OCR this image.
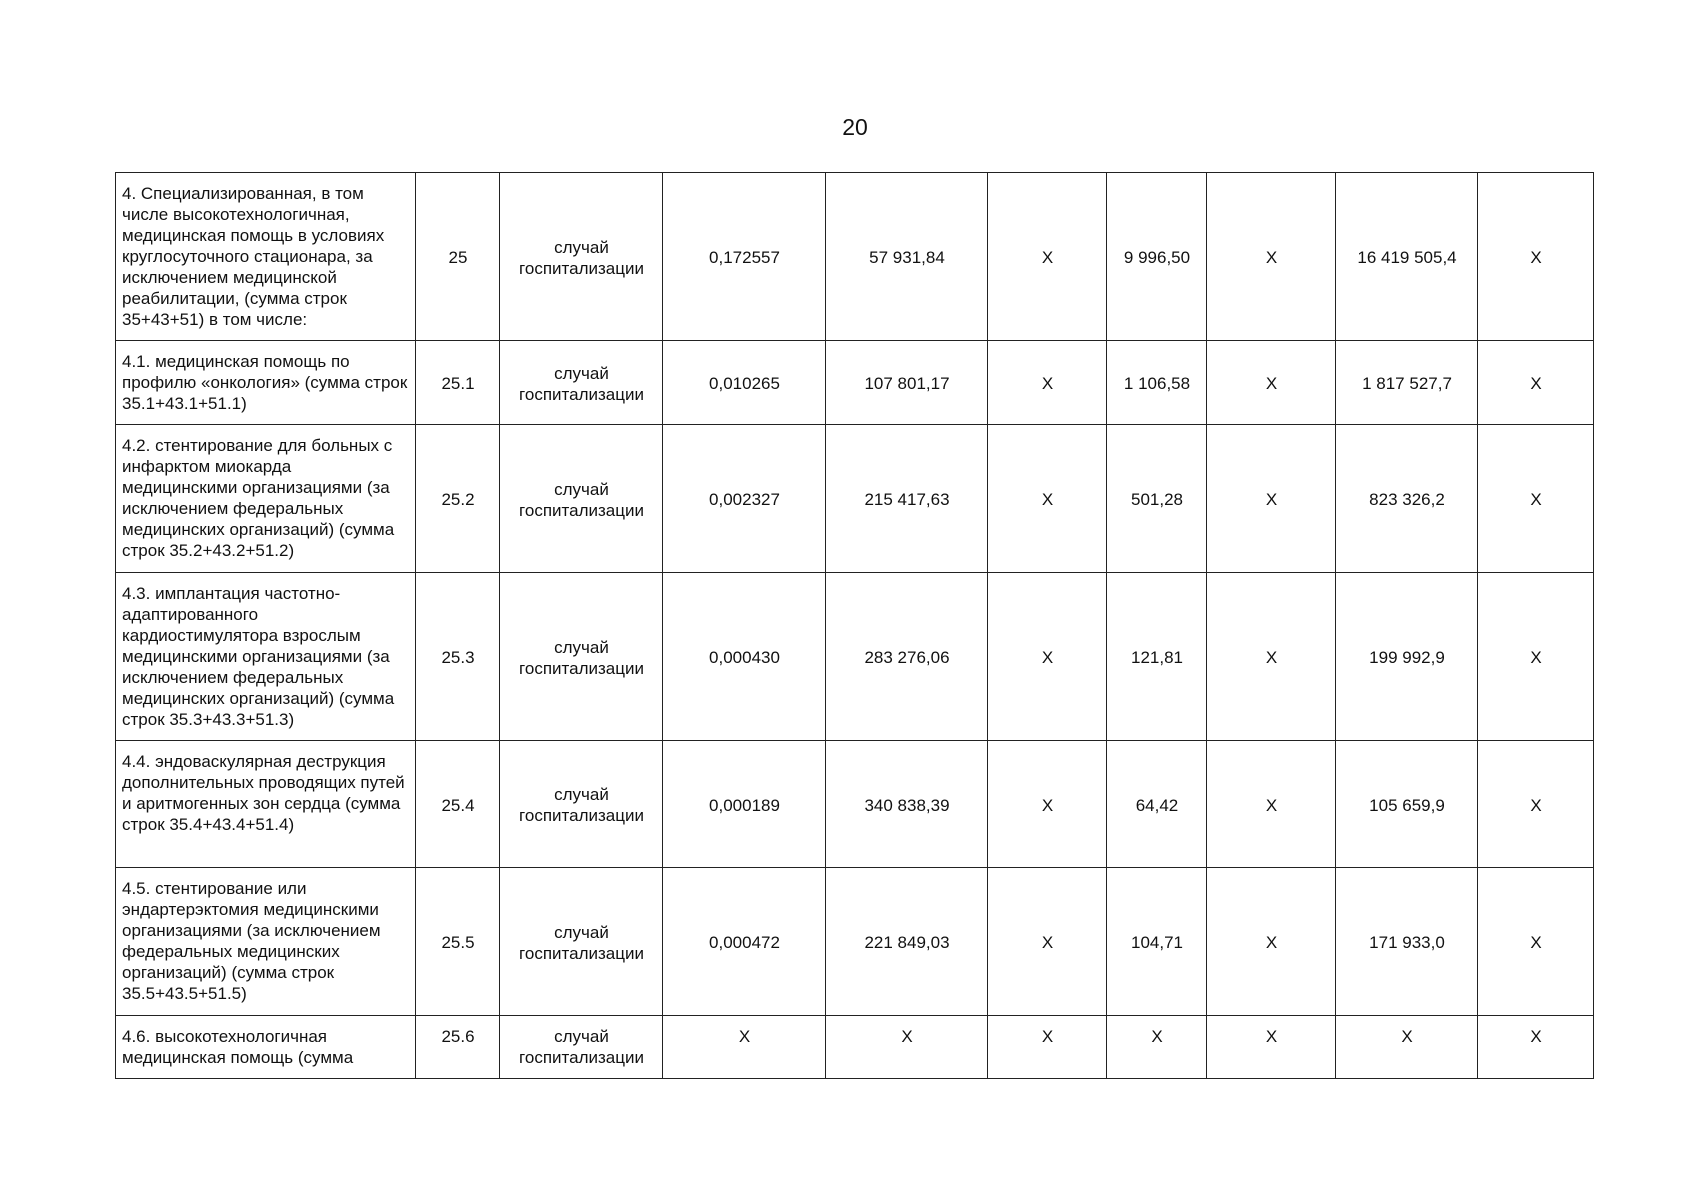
20
4. Специализированная, в том числе высокотехнологичная, медицинская помощь в условиях круглосуточного стационара, за исключением медицинской реабилитации, (сумма строк 35+43+51) в том числе:	25	случай госпитализации	0,172557	57 931,84	Х	9 996,50	Х	16 419 505,4	Х
4.1. медицинская помощь по профилю «онкология» (сумма строк 35.1+43.1+51.1)	25.1	случай госпитализации	0,010265	107 801,17	Х	1 106,58	Х	1 817 527,7	Х
4.2. стентирование для больных с инфарктом миокарда медицинскими организациями (за исключением федеральных медицинских организаций) (сумма строк 35.2+43.2+51.2)	25.2	случай госпитализации	0,002327	215 417,63	Х	501,28	Х	823 326,2	Х
4.3. имплантация частотно-адаптированного кардиостимулятора взрослым медицинскими организациями (за исключением федеральных медицинских организаций) (сумма строк 35.3+43.3+51.3)	25.3	случай госпитализации	0,000430	283 276,06	Х	121,81	Х	199 992,9	Х
4.4. эндоваскулярная деструкция дополнительных проводящих путей и аритмогенных зон сердца (сумма строк 35.4+43.4+51.4)	25.4	случай госпитализации	0,000189	340 838,39	Х	64,42	Х	105 659,9	Х
4.5. стентирование или эндартерэктомия медицинскими организациями (за исключением федеральных медицинских организаций) (сумма строк 35.5+43.5+51.5)	25.5	случай госпитализации	0,000472	221 849,03	Х	104,71	Х	171 933,0	Х
4.6. высокотехнологичная медицинская помощь (сумма	25.6	случай госпитализации	Х	Х	Х	Х	Х	Х	Х
